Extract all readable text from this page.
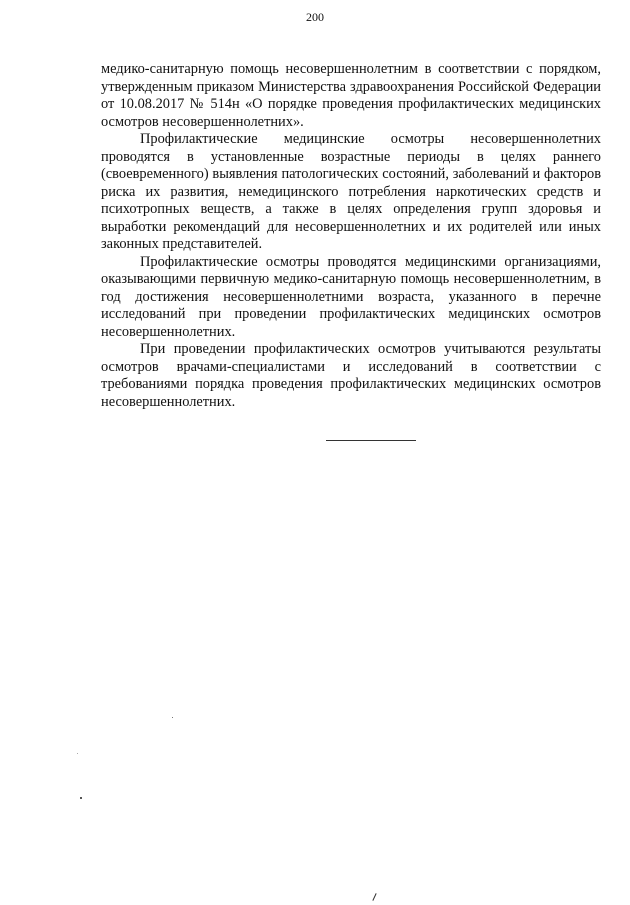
200

медико-санитарную помощь несовершеннолетним в соответствии с порядком, утвержденным приказом Министерства здравоохранения Российской Федерации от 10.08.2017 № 514н «О порядке проведения профилактических медицинских осмотров несовершеннолетних».

Профилактические медицинские осмотры несовершеннолетних проводятся в установленные возрастные периоды в целях раннего (своевременного) выявления патологических состояний, заболеваний и факторов риска их развития, немедицинского потребления наркотических средств и психотропных веществ, а также в целях определения групп здоровья и выработки рекомендаций для несовершеннолетних и их родителей или иных законных представителей.

Профилактические осмотры проводятся медицинскими организациями, оказывающими первичную медико-санитарную помощь несовершеннолетним, в год достижения несовершеннолетними возраста, указанного в перечне исследований при проведении профилактических медицинских осмотров несовершеннолетних.

При проведении профилактических осмотров учитываются результаты осмотров врачами-специалистами и исследований в соответствии с требованиями порядка проведения профилактических медицинских осмотров несовершеннолетних.
